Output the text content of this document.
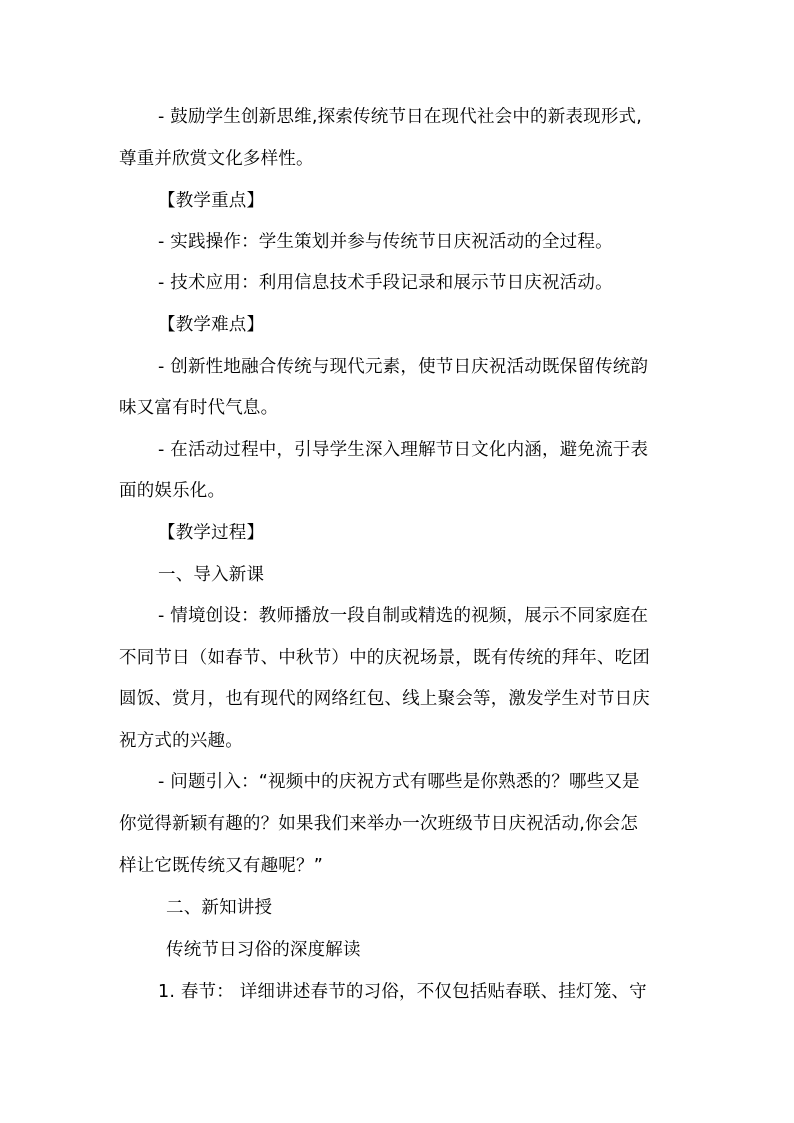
- 鼓励学生创新思维,探索传统节日在现代社会中的新表现形式,
尊重并欣赏文化多样性。
【教学重点】
- 实践操作：学生策划并参与传统节日庆祝活动的全过程。
- 技术应用：利用信息技术手段记录和展示节日庆祝活动。
【教学难点】
- 创新性地融合传统与现代元素，使节日庆祝活动既保留传统韵
味又富有时代气息。
- 在活动过程中，引导学生深入理解节日文化内涵，避免流于表
面的娱乐化。
【教学过程】
一、导入新课
- 情境创设：教师播放一段自制或精选的视频，展示不同家庭在
不同节日（如春节、中秋节）中的庆祝场景，既有传统的拜年、吃团
圆饭、赏月，也有现代的网络红包、线上聚会等，激发学生对节日庆
祝方式的兴趣。
- 问题引入：“视频中的庆祝方式有哪些是你熟悉的？哪些又是
你觉得新颖有趣的？如果我们来举办一次班级节日庆祝活动,你会怎
样让它既传统又有趣呢？”
二、新知讲授
传统节日习俗的深度解读
1. 春节： 详细讲述春节的习俗，不仅包括贴春联、挂灯笼、守
